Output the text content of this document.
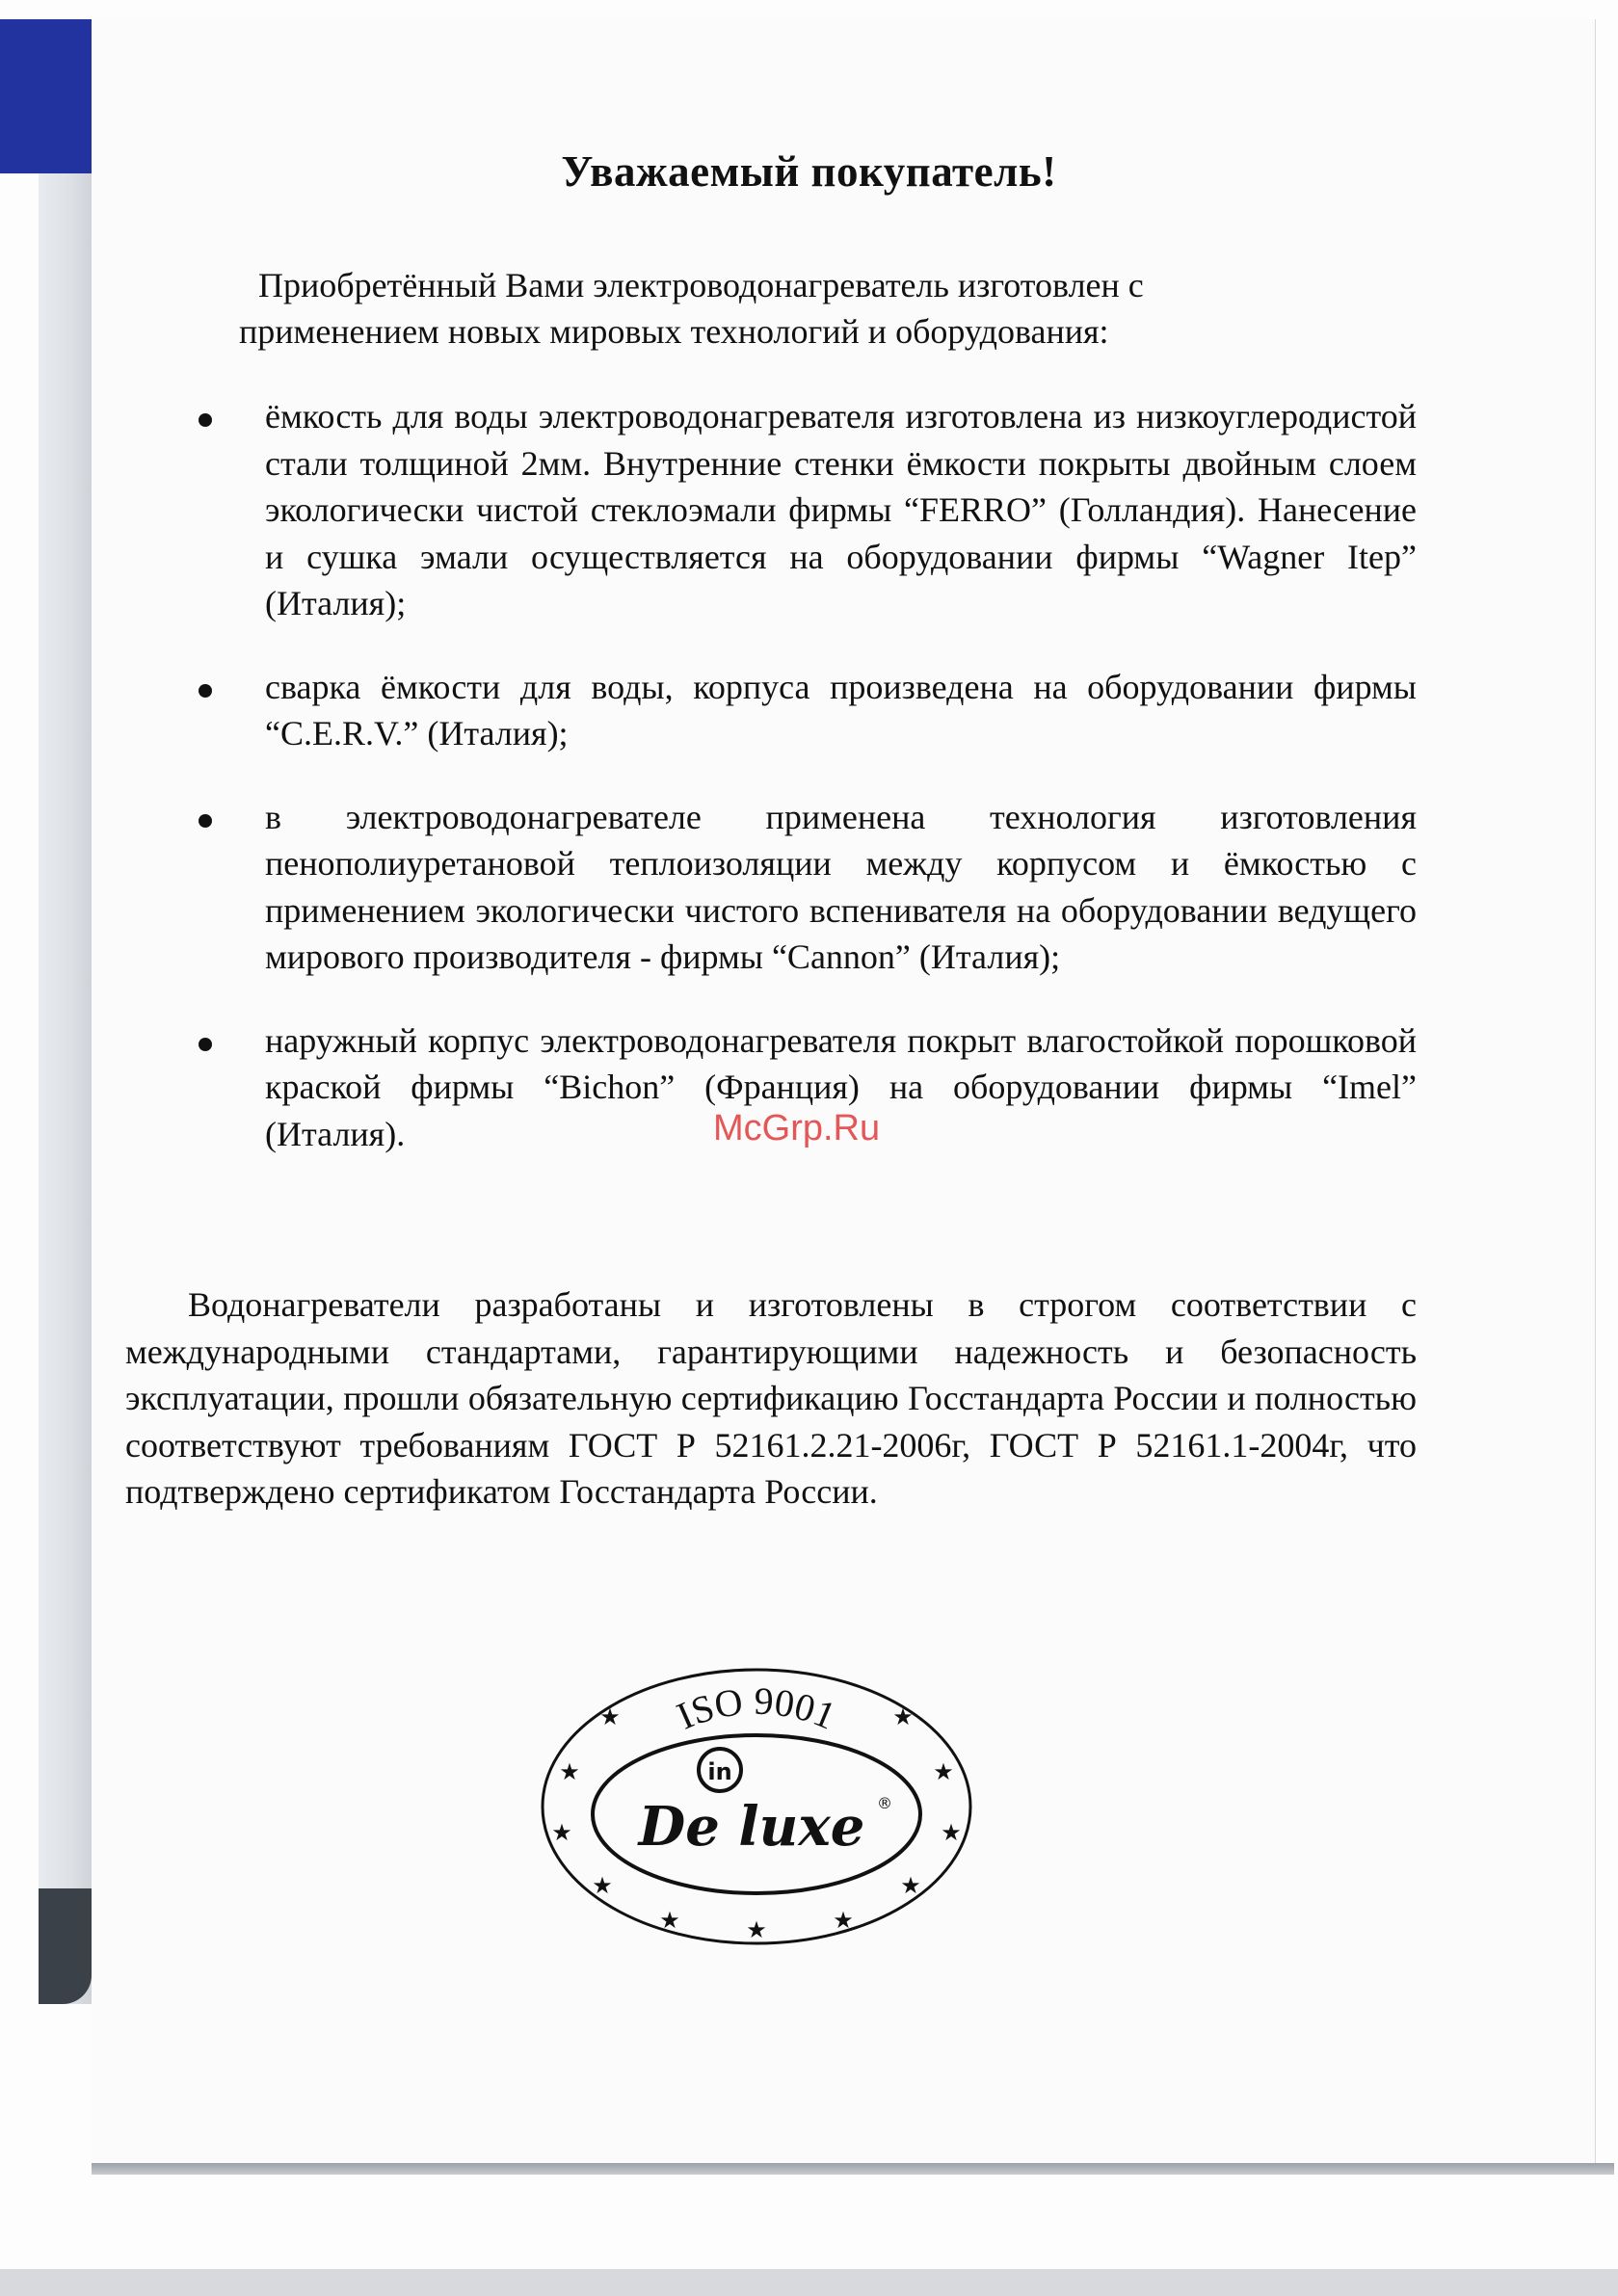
Уважаемый покупатель!
Приобретённый Вами электроводонагреватель изготовлен с применением новых мировых технологий и оборудования:
ёмкость для воды электроводонагревателя изготовлена из низкоуглеродистой стали толщиной 2мм. Внутренние стенки ёмкости покрыты двойным слоем экологически чистой стеклоэмали фирмы “FERRO” (Голландия). Нанесение и сушка эмали осуществляется на оборудовании фирмы “Wagner Itep” (Италия);
сварка ёмкости для воды, корпуса произведена на оборудовании фирмы “C.E.R.V.” (Италия);
в электроводонагревателе применена технология изготовления пенополиуретановой теплоизоляции между корпусом и ёмкостью с применением экологически чистого вспенивателя на оборудовании ведущего мирового производителя - фирмы “Cannon” (Италия);
наружный корпус электроводонагревателя покрыт влагостойкой порошковой краской фирмы “Bichon” (Франция) на оборудовании фирмы “Imel” (Италия).	McGrp.Ru
Водонагреватели разработаны и изготовлены в строгом соответствии с международными стандартами, гарантирующими надежность и безопасность эксплуатации, прошли обязательную сертификацию Госстандарта России и полностью соответствуют требованиям ГОСТ Р 52161.2.21-2006г, ГОСТ Р 52161.1-2004г, что подтверждено сертификатом Госстандарта России.
ISO 9001
★	★
★	★
★	★
★	★
★	★	★
in
De luxe ®
